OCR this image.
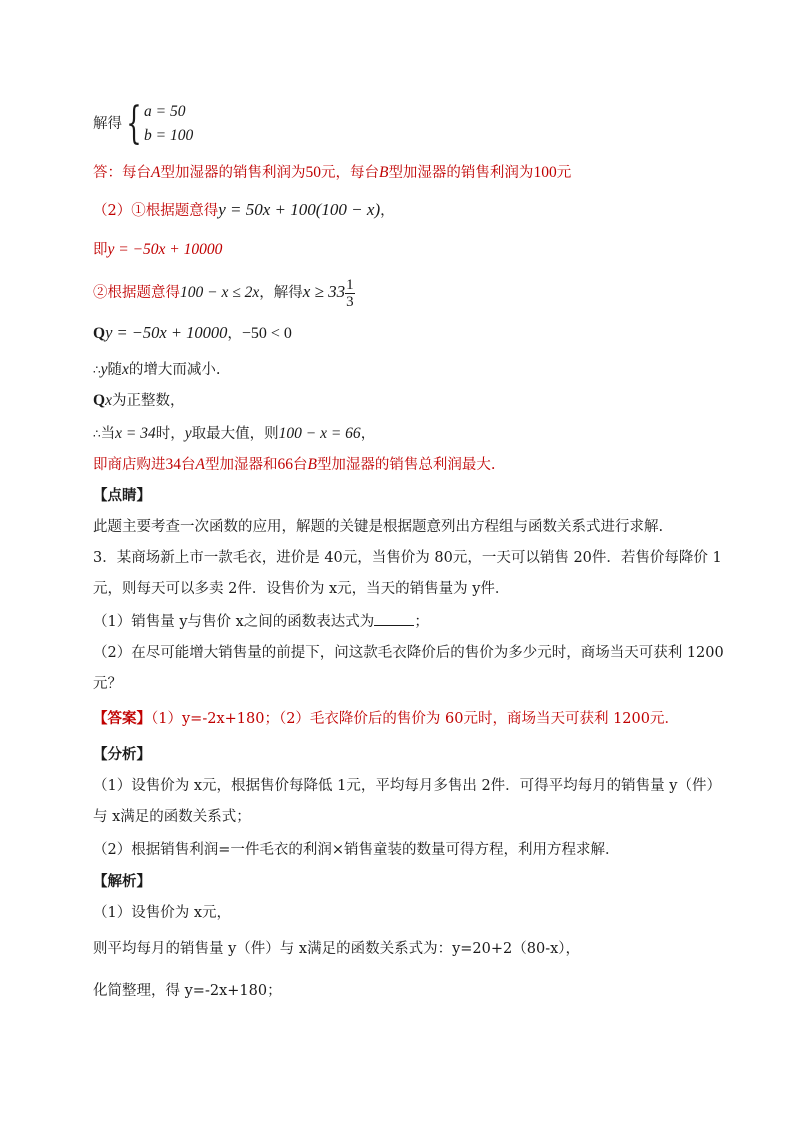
解得{ a = 50
b = 100
答：每台A型加湿器的销售利润为50元，每台B型加湿器的销售利润为100元
（2）①根据题意得y = 50x + 100(100 − x)，
即y = −50x + 10000
②根据题意得100 − x ≤ 2x，解得$x \ge 33 \frac{1}{3}$
Qy = −50x + 10000，−50 < 0
∴y随x的增大而减小.
Qx为正整数，
∴当x = 34时，y取最大值，则100 − x = 66，
即商店购进34台A型加湿器和66台B型加湿器的销售总利润最大.
【点睛】
此题主要考查一次函数的应用，解题的关键是根据题意列出方程组与函数关系式进行求解.
3．某商场新上市一款毛衣，进价是 40元，当售价为 80元，一天可以销售 20件．若售价每降价 1
元，则每天可以多卖 2件．设售价为 x元，当天的销售量为 y件．
（1）销售量 y与售价 x之间的函数表达式为	；
（2）在尽可能增大销售量的前提下，问这款毛衣降价后的售价为多少元时，商场当天可获利 1200
元？
【答案】（1）y=-2x+180；（2）毛衣降价后的售价为 60元时，商场当天可获利 1200元．
【分析】
（1）设售价为 x元，根据售价每降低 1元，平均每月多售出 2件．可得平均每月的销售量 y（件）
与 x满足的函数关系式；
（2）根据销售利润=一件毛衣的利润×销售童装的数量可得方程，利用方程求解．
【解析】
（1）设售价为 x元，
则平均每月的销售量 y（件）与 x满足的函数关系式为：y=20+2（80-x），
化简整理，得 y=-2x+180；
